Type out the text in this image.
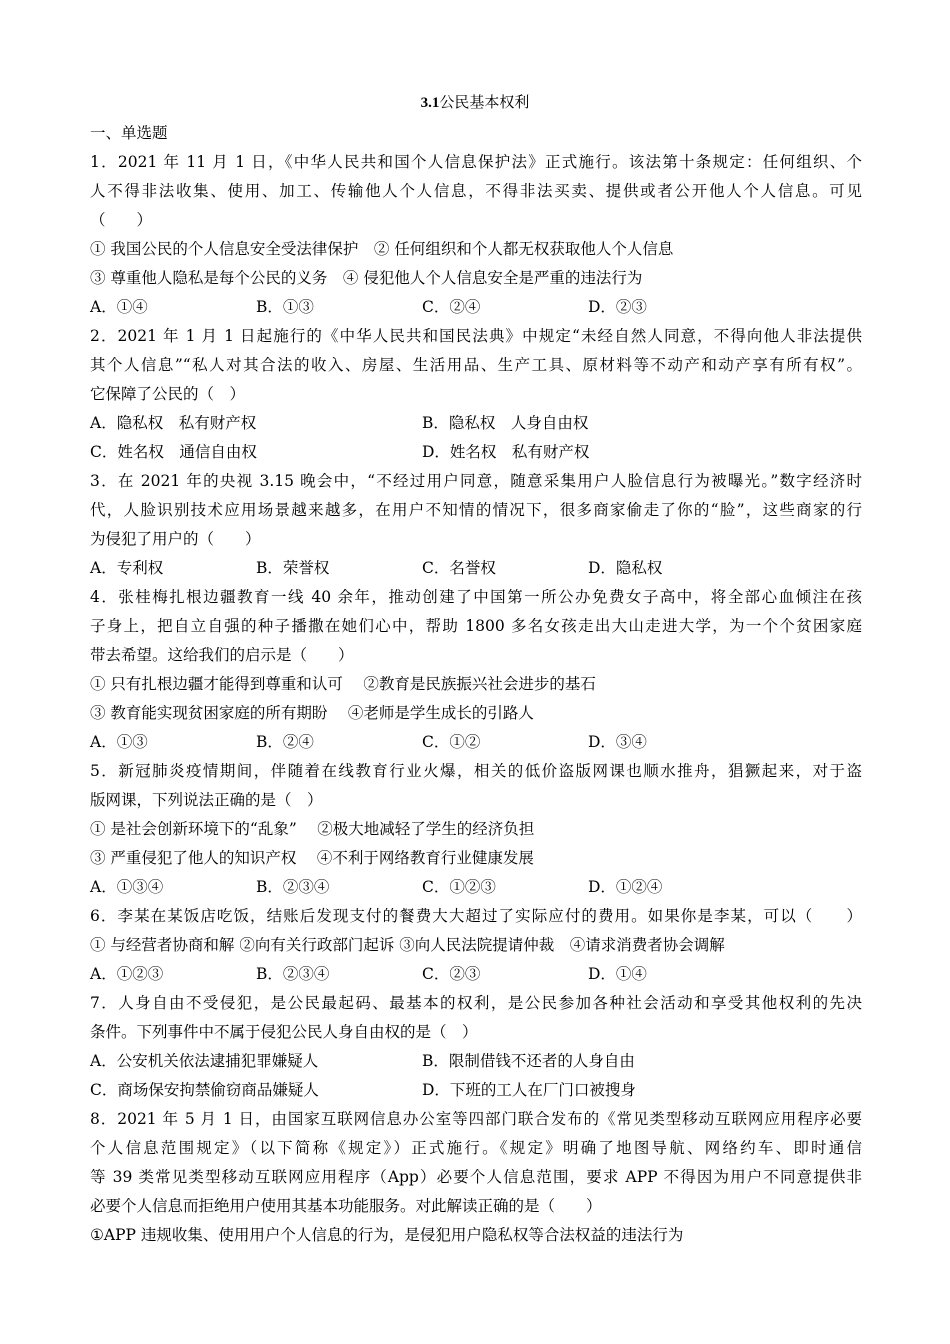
3.1公民基本权利
一、单选题
1．2021 年 11 月 1 日，《中华人民共和国个人信息保护法》正式施行。该法第十条规定：任何组织、个
人不得非法收集、使用、加工、传输他人个人信息，不得非法买卖、提供或者公开他人个人信息。可见
（　　）
① 我国公民的个人信息安全受法律保护　② 任何组织和个人都无权获取他人个人信息
③ 尊重他人隐私是每个公民的义务　④ 侵犯他人个人信息安全是严重的违法行为
A．①④	B．①③	C．②④	D．②③
2．2021 年 1 月 1 日起施行的《中华人民共和国民法典》中规定“未经自然人同意，不得向他人非法提供
其个人信息”“私人对其合法的收入、房屋、生活用品、生产工具、原材料等不动产和动产享有所有权”。
它保障了公民的（　）
A．隐私权　私有财产权	B．隐私权　人身自由权
C．姓名权　通信自由权	D．姓名权　私有财产权
3．在 2021 年的央视 3.15 晚会中，“不经过用户同意，随意采集用户人脸信息行为被曝光。”数字经济时
代，人脸识别技术应用场景越来越多，在用户不知情的情况下，很多商家偷走了你的“脸”，这些商家的行
为侵犯了用户的（　　）
A．专利权	B．荣誉权	C．名誉权	D．隐私权
4．张桂梅扎根边疆教育一线 40 余年，推动创建了中国第一所公办免费女子高中，将全部心血倾注在孩
子身上，把自立自强的种子播撒在她们心中，帮助 1800 多名女孩走出大山走进大学，为一个个贫困家庭
带去希望。这给我们的启示是（　　）
① 只有扎根边疆才能得到尊重和认可　 ②教育是民族振兴社会进步的基石
③ 教育能实现贫困家庭的所有期盼　 ④老师是学生成长的引路人
A．①③	B．②④	C．①②	D．③④
5．新冠肺炎疫情期间，伴随着在线教育行业火爆，相关的低价盗版网课也顺水推舟，猖獗起来，对于盗
版网课，下列说法正确的是（　）
① 是社会创新环境下的“乱象”　 ②极大地减轻了学生的经济负担
③ 严重侵犯了他人的知识产权　 ④不利于网络教育行业健康发展
A．①③④	B．②③④	C．①②③	D．①②④
6．李某在某饭店吃饭，结账后发现支付的餐费大大超过了实际应付的费用。如果你是李某，可以（　　）
① 与经营者协商和解 ②向有关行政部门起诉 ③向人民法院提请仲裁　④请求消费者协会调解
A．①②③	B．②③④	C．②③	D．①④
7．人身自由不受侵犯，是公民最起码、最基本的权利，是公民参加各种社会活动和享受其他权利的先决
条件。下列事件中不属于侵犯公民人身自由权的是（　）
A．公安机关依法逮捕犯罪嫌疑人	B．限制借钱不还者的人身自由
C．商场保安拘禁偷窃商品嫌疑人	D．下班的工人在厂门口被搜身
8．2021 年 5 月 1 日，由国家互联网信息办公室等四部门联合发布的《常见类型移动互联网应用程序必要
个人信息范围规定》（以下简称《规定》）正式施行。《规定》明确了地图导航、网络约车、即时通信
等 39 类常见类型移动互联网应用程序（App）必要个人信息范围，要求 APP 不得因为用户不同意提供非
必要个人信息而拒绝用户使用其基本功能服务。对此解读正确的是（　　）
①APP 违规收集、使用用户个人信息的行为，是侵犯用户隐私权等合法权益的违法行为
